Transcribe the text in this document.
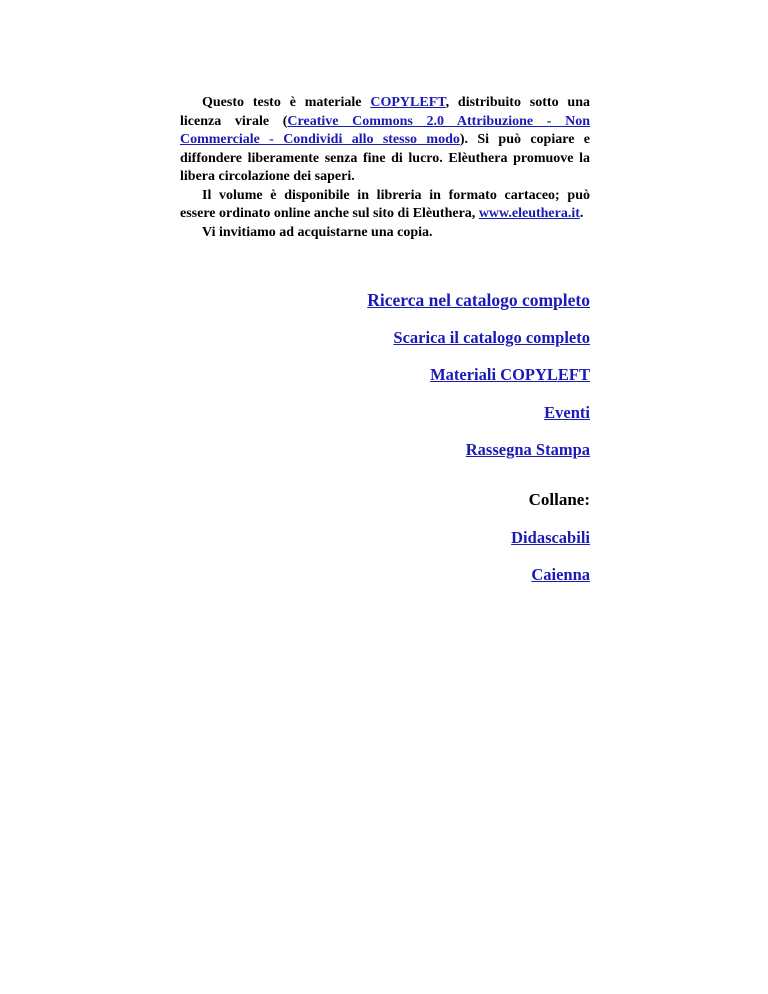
Questo testo è materiale COPYLEFT, distribuito sotto una licenza virale (Creative Commons 2.0 Attribuzione - Non Commerciale - Condividi allo stesso modo). Si può copiare e diffondere liberamente senza fine di lucro. Elèuthera promuove la libera circolazione dei saperi.

Il volume è disponibile in libreria in formato cartaceo; può essere ordinato online anche sul sito di Elèuthera, www.eleuthera.it.

Vi invitiamo ad acquistarne una copia.

Ricerca nel catalogo completo
Scarica il catalogo completo
Materiali COPYLEFT
Eventi
Rassegna Stampa
Collane:
Didascabili
Caienna
